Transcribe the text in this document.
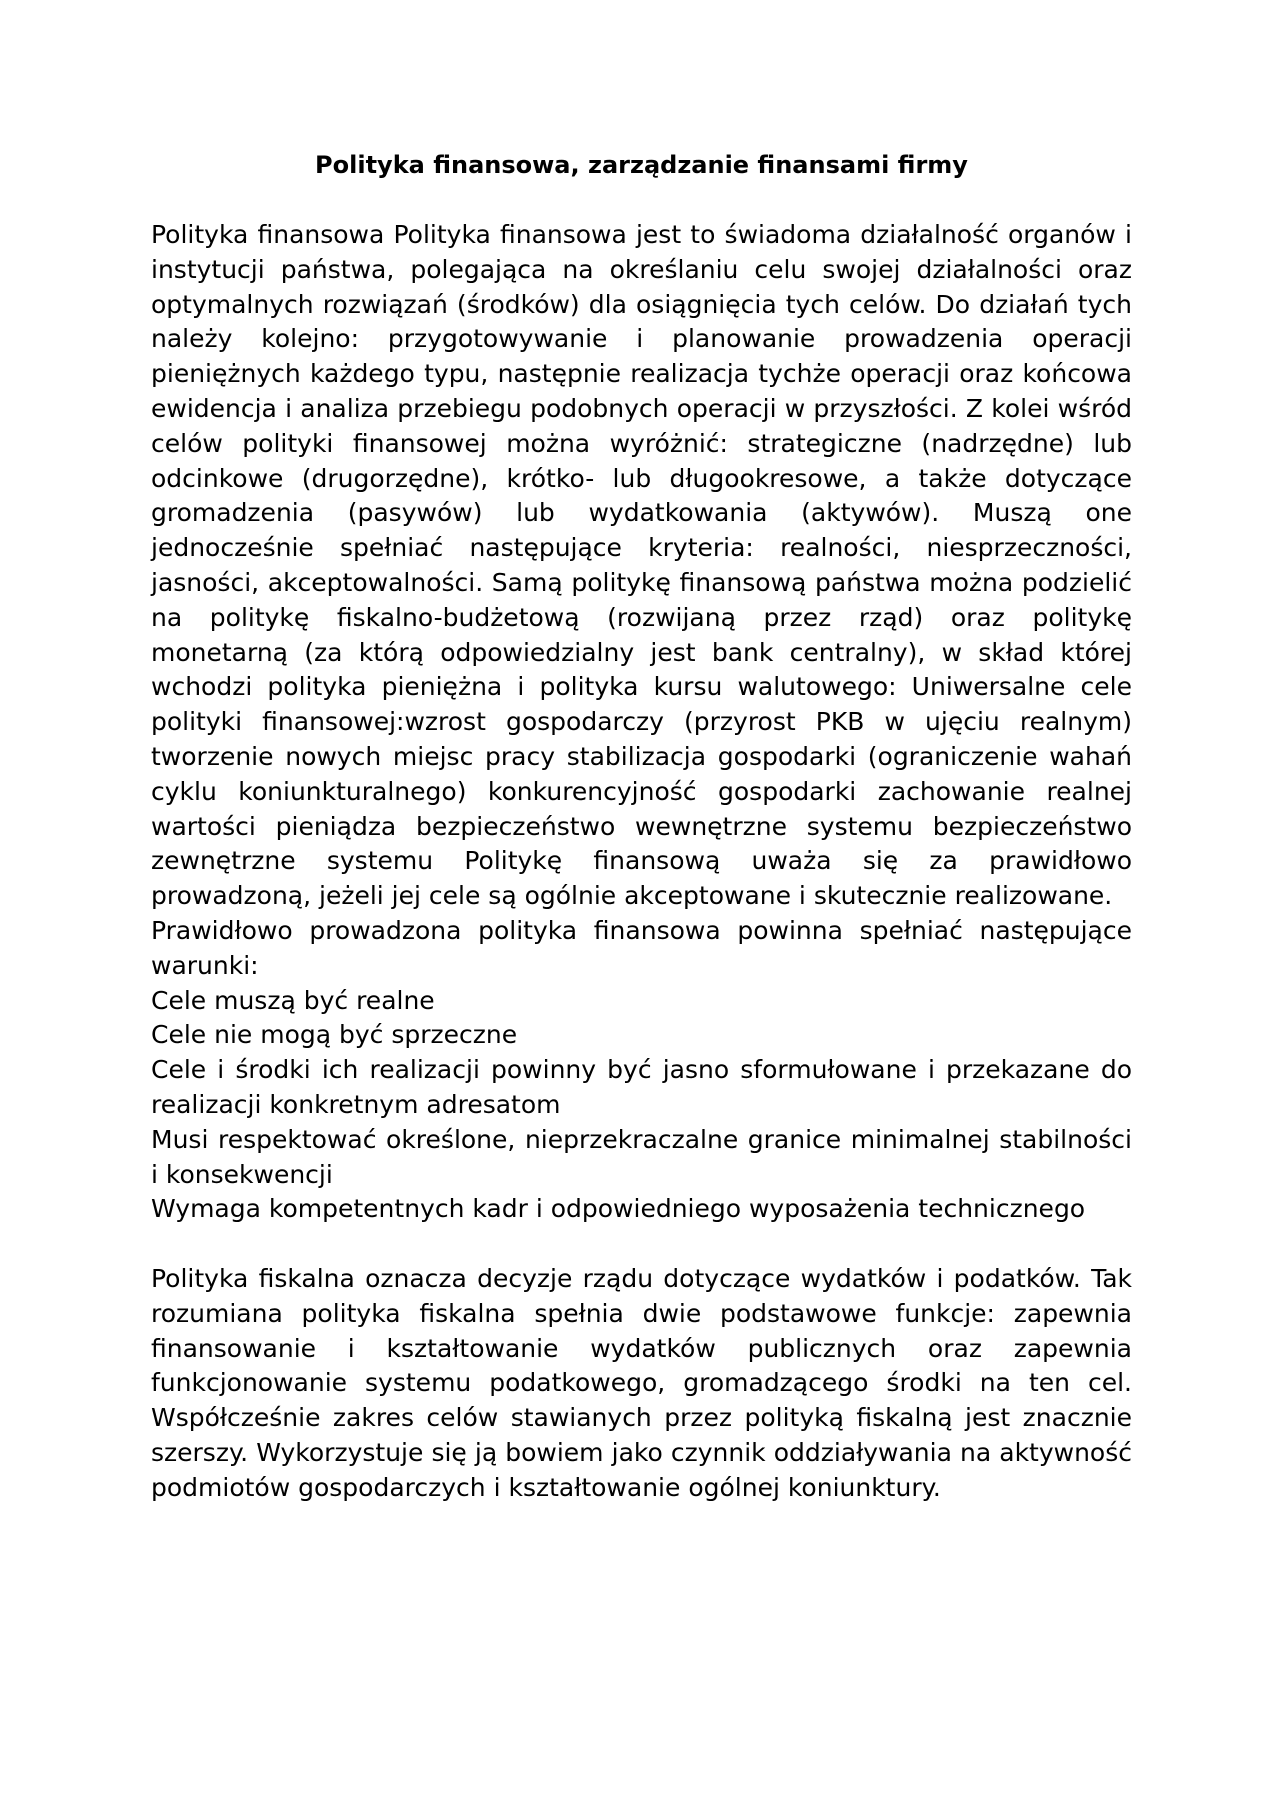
Polityka finansowa, zarządzanie finansami firmy

Polityka finansowa Polityka finansowa jest to świadoma działalność organów i instytucji państwa, polegająca na określaniu celu swojej działalności oraz optymalnych rozwiązań (środków) dla osiągnięcia tych celów. Do działań tych należy kolejno: przygotowywanie i planowanie prowadzenia operacji pieniężnych każdego typu, następnie realizacja tychże operacji oraz końcowa ewidencja i analiza przebiegu podobnych operacji w przyszłości. Z kolei wśród celów polityki finansowej można wyróżnić: strategiczne (nadrzędne) lub odcinkowe (drugorzędne), krótko- lub długookresowe, a także dotyczące gromadzenia (pasywów) lub wydatkowania (aktywów). Muszą one jednocześnie spełniać następujące kryteria: realności, niesprzeczności, jasności, akceptowalności. Samą politykę finansową państwa można podzielić na politykę fiskalno-budżetową (rozwijaną przez rząd) oraz politykę monetarną (za którą odpowiedzialny jest bank centralny), w skład której wchodzi polityka pieniężna i polityka kursu walutowego: Uniwersalne cele polityki finansowej:wzrost gospodarczy (przyrost PKB w ujęciu realnym) tworzenie nowych miejsc pracy stabilizacja gospodarki (ograniczenie wahań cyklu koniunkturalnego) konkurencyjność gospodarki zachowanie realnej wartości pieniądza bezpieczeństwo wewnętrzne systemu bezpieczeństwo zewnętrzne systemu Politykę finansową uważa się za prawidłowo prowadzoną, jeżeli jej cele są ogólnie akceptowane i skutecznie realizowane.

Prawidłowo prowadzona polityka finansowa powinna spełniać następujące warunki:

Cele muszą być realne

Cele nie mogą być sprzeczne

Cele i środki ich realizacji powinny być jasno sformułowane i przekazane do realizacji konkretnym adresatom

Musi respektować określone, nieprzekraczalne granice minimalnej stabilności i konsekwencji

Wymaga kompetentnych kadr i odpowiedniego wyposażenia technicznego

Polityka fiskalna oznacza decyzje rządu dotyczące wydatków i podatków. Tak rozumiana polityka fiskalna spełnia dwie podstawowe funkcje: zapewnia finansowanie i kształtowanie wydatków publicznych oraz zapewnia funkcjonowanie systemu podatkowego, gromadzącego środki na ten cel. Współcześnie zakres celów stawianych przez polityką fiskalną jest znacznie szerszy. Wykorzystuje się ją bowiem jako czynnik oddziaływania na aktywność podmiotów gospodarczych i kształtowanie ogólnej koniunktury.
